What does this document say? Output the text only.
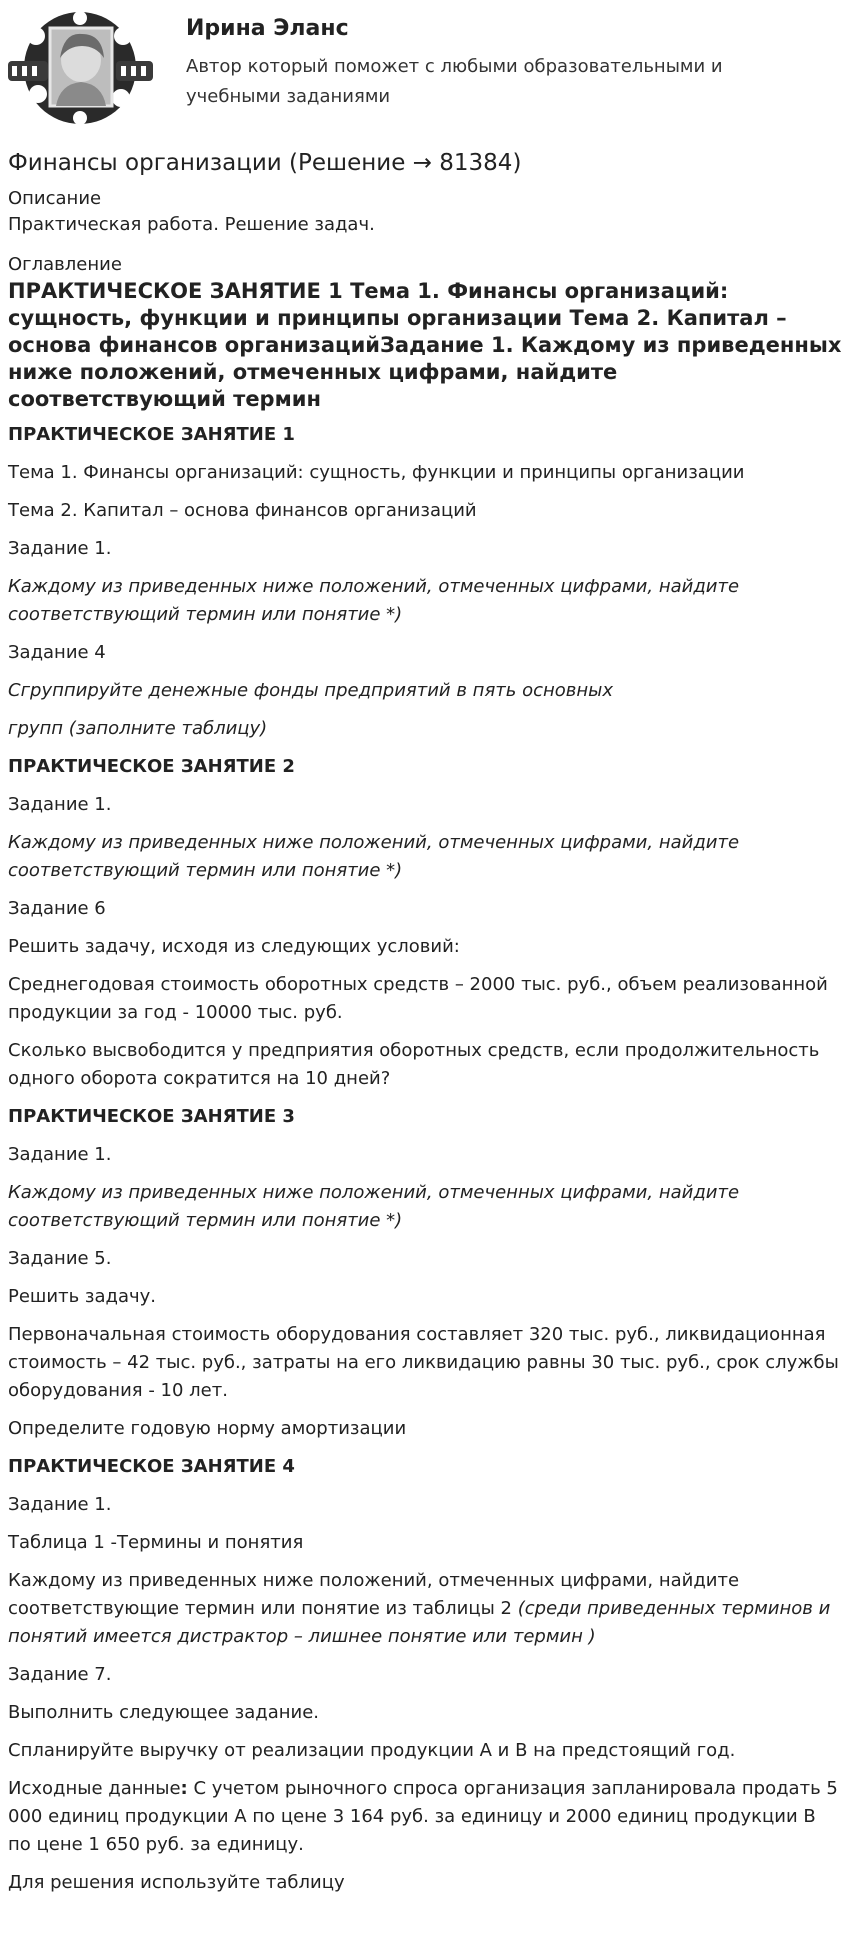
Ирина Эланс
Автор который поможет с любыми образовательными и учебными заданиями
Финансы организации (Решение → 81384)

Описание

Практическая работа. Решение задач.

Оглавление

ПРАКТИЧЕСКОЕ ЗАНЯТИЕ 1 Тема 1. Финансы организаций: сущность, функции и принципы организации Тема 2. Капитал – основа финансов организацийЗадание 1. Каждому из приведенных ниже положений, отмеченных цифрами, найдите соответствующий термин

ПРАКТИЧЕСКОЕ ЗАНЯТИЕ 1

Тема 1. Финансы организаций: сущность, функции и принципы организации

Тема 2. Капитал – основа финансов организаций

Задание 1.

Каждому из приведенных ниже положений, отмеченных цифрами, найдите соответствующий термин или понятие *)

Задание 4

Сгруппируйте денежные фонды предприятий в пять основных

групп (заполните таблицу)

ПРАКТИЧЕСКОЕ ЗАНЯТИЕ 2

Задание 1.

Каждому из приведенных ниже положений, отмеченных цифрами, найдите соответствующий термин или понятие *)

Задание 6

Решить задачу, исходя из следующих условий:

Среднегодовая стоимость оборотных средств – 2000 тыс. руб., объем реализованной продукции за год - 10000 тыс. руб.

Сколько высвободится у предприятия оборотных средств, если продолжительность одного оборота сократится на 10 дней?

ПРАКТИЧЕСКОЕ ЗАНЯТИЕ 3

Задание 1.

Каждому из приведенных ниже положений, отмеченных цифрами, найдите соответствующий термин или понятие *)

Задание 5.

Решить задачу.

Первоначальная стоимость оборудования составляет 320 тыс. руб., ликвидационная стоимость – 42 тыс. руб., затраты на его ликвидацию равны 30 тыс. руб., срок службы оборудования - 10 лет.

Определите годовую норму амортизации

ПРАКТИЧЕСКОЕ ЗАНЯТИЕ 4

Задание 1.

Таблица 1 -Термины и понятия

Каждому из приведенных ниже положений, отмеченных цифрами, найдите соответствующие термин или понятие из таблицы 2 (среди приведенных терминов и понятий имеется дистрактор – лишнее понятие или термин )

Задание 7.

Выполнить следующее задание.

Спланируйте выручку от реализации продукции А и В на предстоящий год.

Исходные данные: С учетом рыночного спроса организация запланировала продать 5 000 единиц продукции А по цене 3 164 руб. за единицу и 2000 единиц продукции В по цене 1 650 руб. за единицу.

Для решения используйте таблицу
